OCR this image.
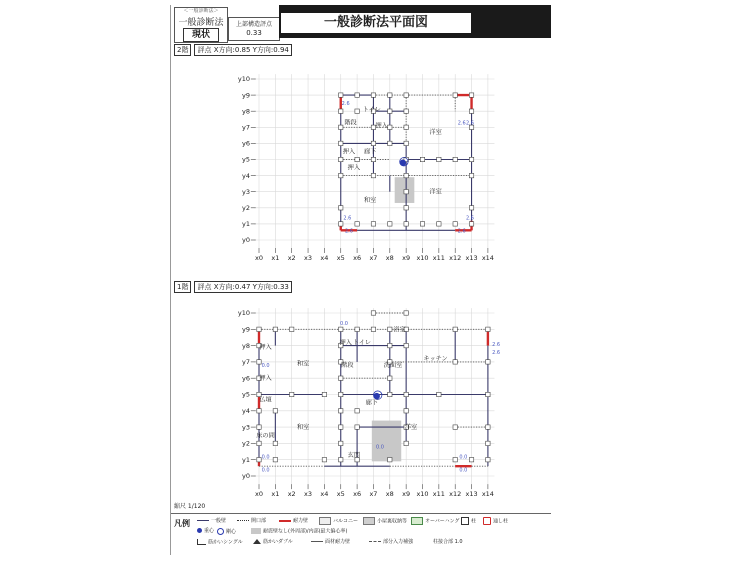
＜一般診断法＞
一般診断法
現状
上部構造評点
0.33
一般診断法平面図
2階 評点 X方向:0.85 Y方向:0.94
y0
y1
y2
y3
y4
y5
y6
y7
y8
y9
y10
x0 x1 x2 x3 x4 x5 x6 x7 x8 x9 x10 x11 x12 x13 x14
階段
トイレ
押入
洋室
押入 廊下
押入
洋室
和室
2.6
2.6 2.6
2.6
2.6	2.6
2.6
1階 評点 X方向:0.47 Y方向:0.33
y0
y1
y2
y3
y4
y5
y6
y7
y8
y9
y10
x0 x1 x2 x3 x4 x5 x6 x7 x8 x9 x10 x11 x12 x13 x14
浴室
押入 トイレ
押入
和室	階段	洗面室
キッチン
押入
廊下
仏壇
和室	洋室
床の間
玄関
0.0
2.6
2.6
0.0
0.0
0.0
0.0
0.0
0.0
縮尺 1/120
凡例	一般壁	開口部	耐力壁	バルコニー	小屋裏収納等	オーバーハング	柱	通し柱
重心	剛心	耐震壁なし(外周部)/内部(最大偏心率)
筋かいシングル	筋かいダブル	面材耐力壁	部分入力補強	柱接合部 1.0
